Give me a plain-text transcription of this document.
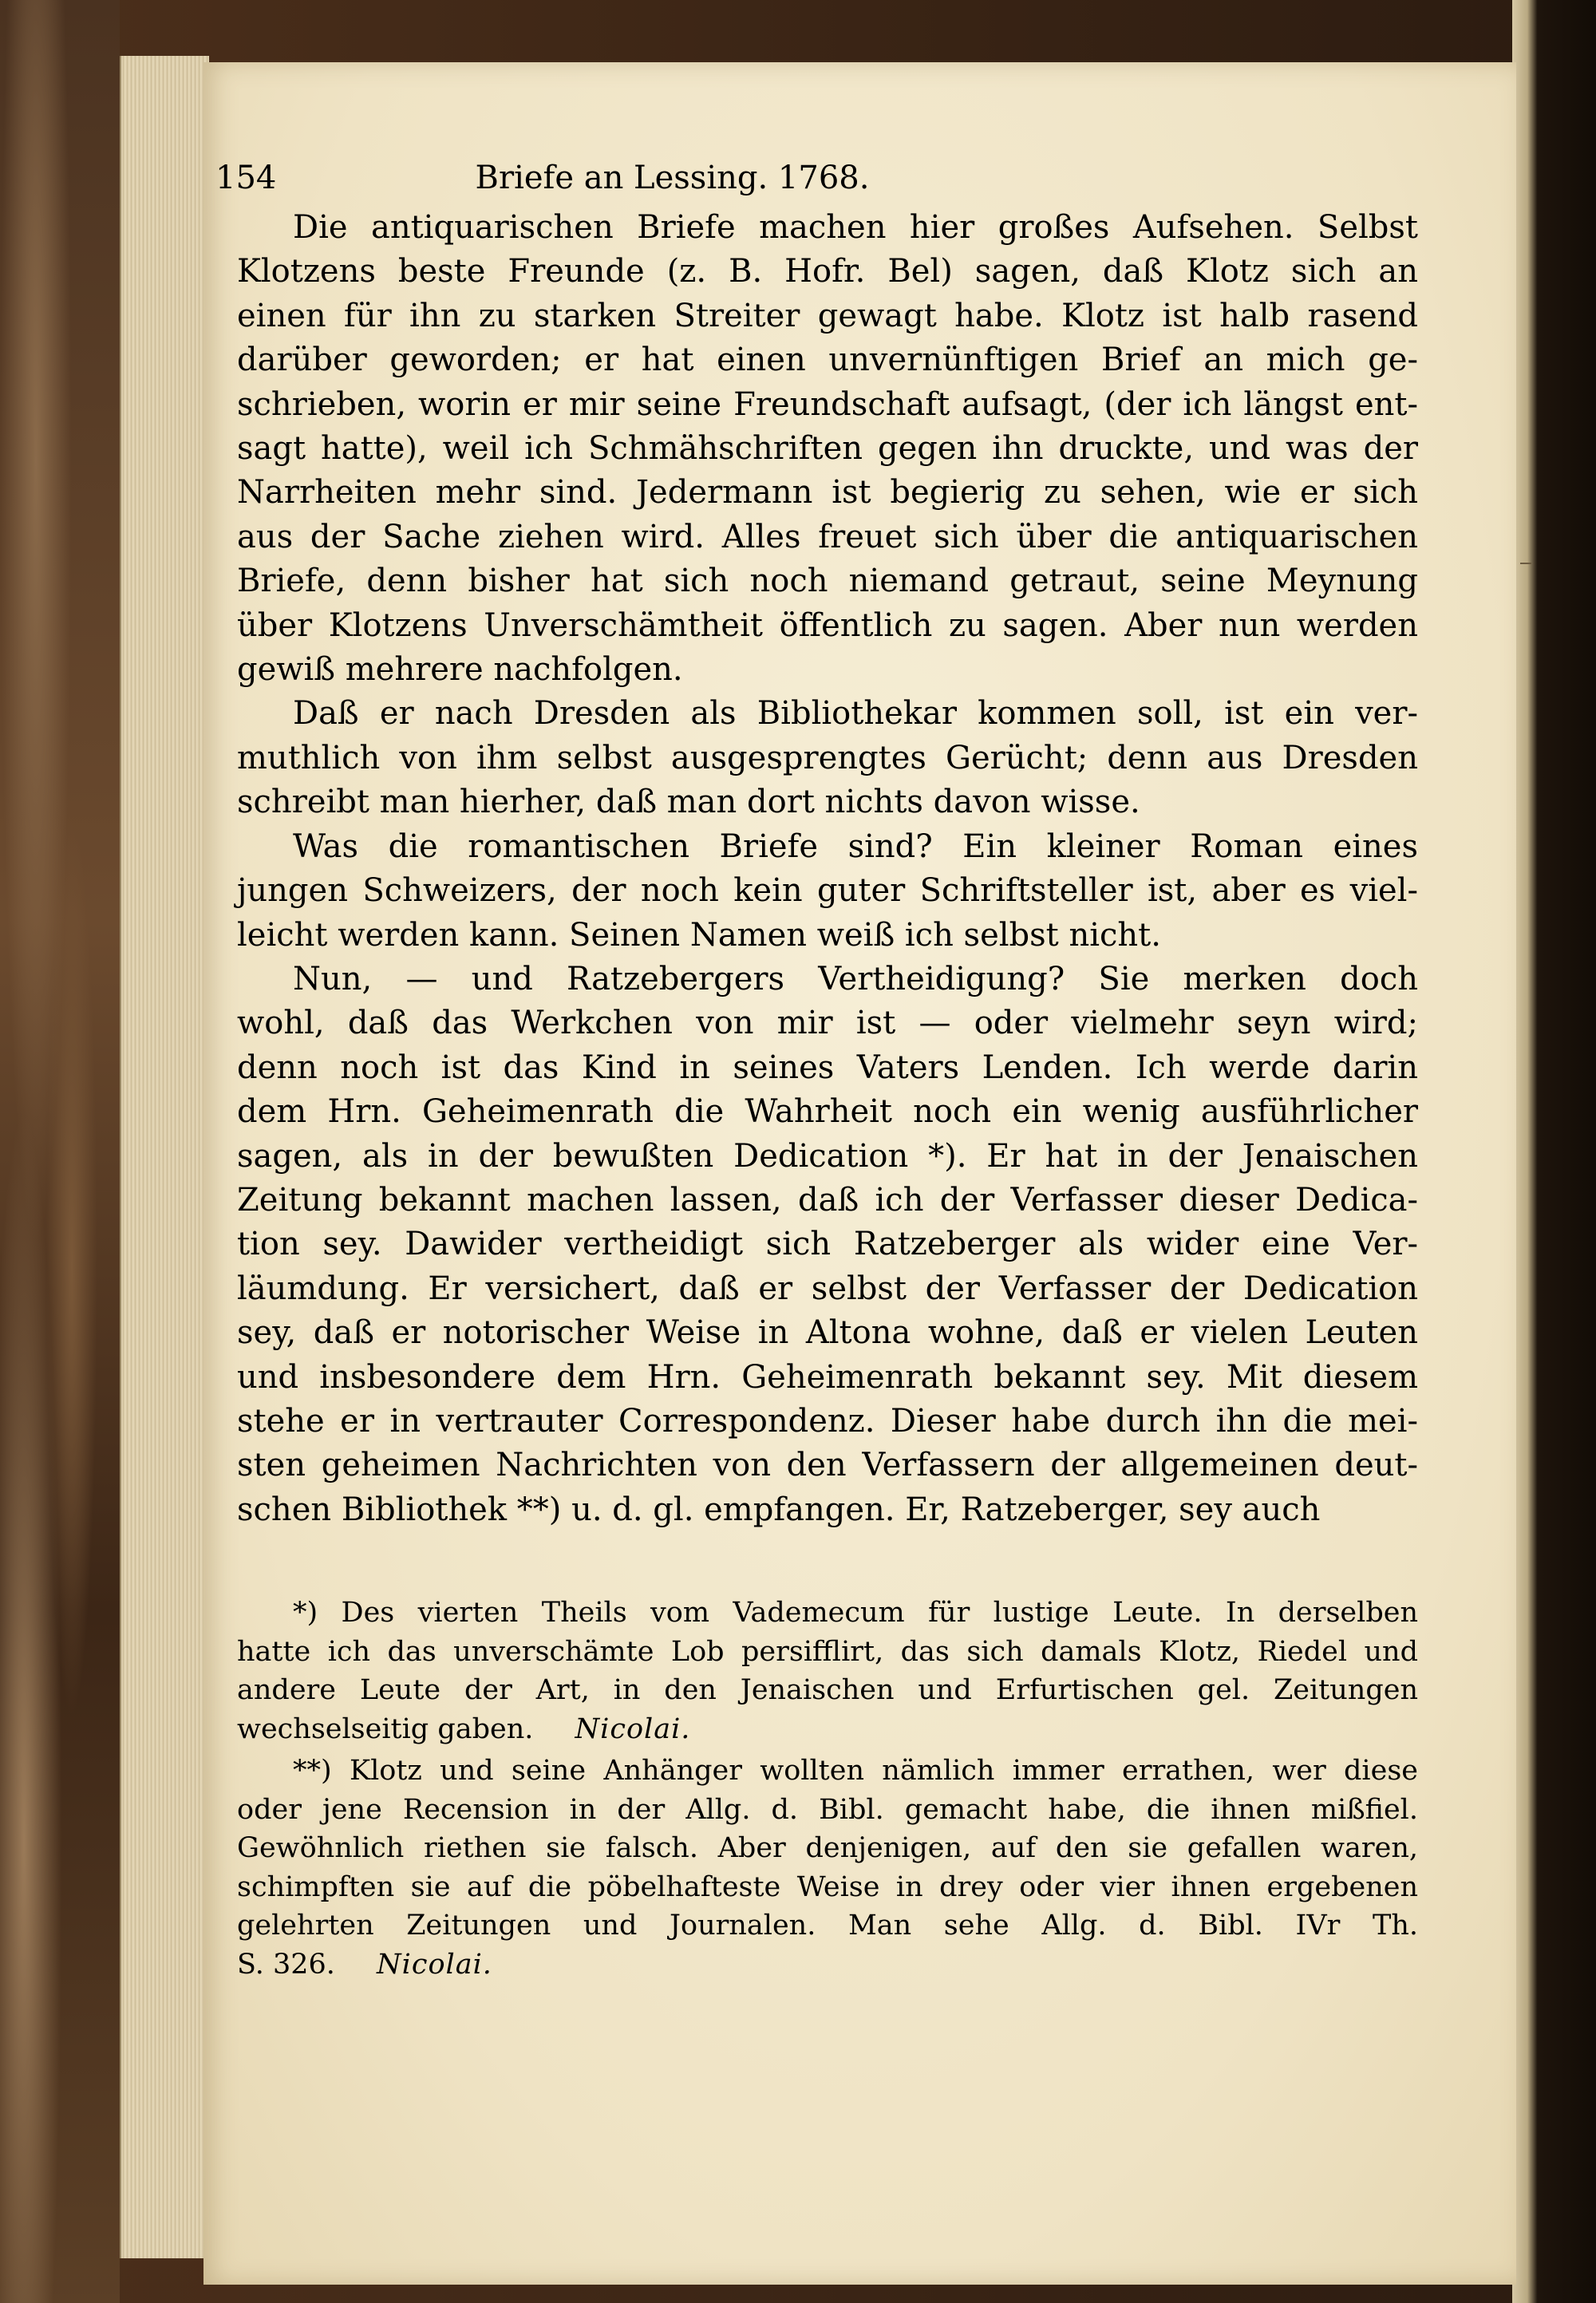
154	Briefe an Lessing. 1768.
Die antiquarischen Briefe machen hier großes Aufsehen. Selbst
Klotzens beste Freunde (z. B. Hofr. Bel) sagen, daß Klotz sich an
einen für ihn zu starken Streiter gewagt habe. Klotz ist halb rasend
darüber geworden; er hat einen unvernünftigen Brief an mich ge-
schrieben, worin er mir seine Freundschaft aufsagt, (der ich längst ent-
sagt hatte), weil ich Schmähschriften gegen ihn druckte, und was der
Narrheiten mehr sind. Jedermann ist begierig zu sehen, wie er sich
aus der Sache ziehen wird. Alles freuet sich über die antiquarischen
Briefe, denn bisher hat sich noch niemand getraut, seine Meynung
über Klotzens Unverschämtheit öffentlich zu sagen. Aber nun werden
gewiß mehrere nachfolgen.
Daß er nach Dresden als Bibliothekar kommen soll, ist ein ver-
muthlich von ihm selbst ausgesprengtes Gerücht; denn aus Dresden
schreibt man hierher, daß man dort nichts davon wisse.
Was die romantischen Briefe sind? Ein kleiner Roman eines
jungen Schweizers, der noch kein guter Schriftsteller ist, aber es viel-
leicht werden kann. Seinen Namen weiß ich selbst nicht.
Nun, — und Ratzebergers Vertheidigung? Sie merken doch
wohl, daß das Werkchen von mir ist — oder vielmehr seyn wird;
denn noch ist das Kind in seines Vaters Lenden. Ich werde darin
dem Hrn. Geheimenrath die Wahrheit noch ein wenig ausführlicher
sagen, als in der bewußten Dedication *). Er hat in der Jenaischen
Zeitung bekannt machen lassen, daß ich der Verfasser dieser Dedica-
tion sey. Dawider vertheidigt sich Ratzeberger als wider eine Ver-
läumdung. Er versichert, daß er selbst der Verfasser der Dedication
sey, daß er notorischer Weise in Altona wohne, daß er vielen Leuten
und insbesondere dem Hrn. Geheimenrath bekannt sey. Mit diesem
stehe er in vertrauter Correspondenz. Dieser habe durch ihn die mei-
sten geheimen Nachrichten von den Verfassern der allgemeinen deut-
schen Bibliothek **) u. d. gl. empfangen. Er, Ratzeberger, sey auch
*) Des vierten Theils vom Vademecum für lustige Leute. In derselben
hatte ich das unverschämte Lob persifflirt, das sich damals Klotz, Riedel und
andere Leute der Art, in den Jenaischen und Erfurtischen gel. Zeitungen
wechselseitig gaben. Nicolai.
**) Klotz und seine Anhänger wollten nämlich immer errathen, wer diese
oder jene Recension in der Allg. d. Bibl. gemacht habe, die ihnen mißfiel.
Gewöhnlich riethen sie falsch. Aber denjenigen, auf den sie gefallen waren,
schimpften sie auf die pöbelhafteste Weise in drey oder vier ihnen ergebenen
gelehrten Zeitungen und Journalen. Man sehe Allg. d. Bibl. IVr Th.
S. 326. Nicolai.
